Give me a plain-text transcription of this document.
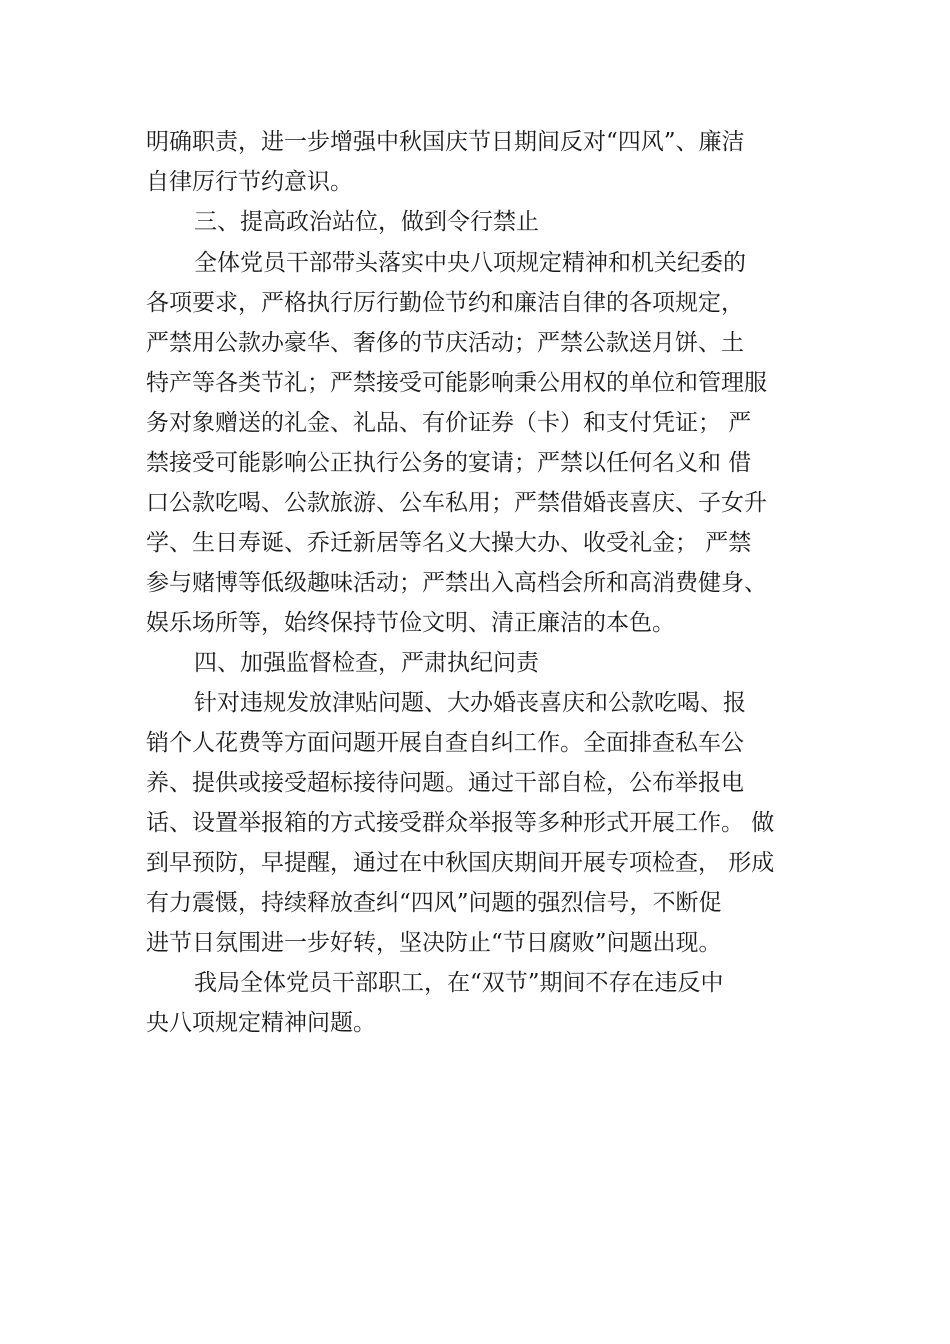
明确职责，进一步增强中秋国庆节日期间反对“四风”、廉洁
自律厉行节约意识。
三、提高政治站位，做到令行禁止
全体党员干部带头落实中央八项规定精神和机关纪委的
各项要求，严格执行厉行勤俭节约和廉洁自律的各项规定，
严禁用公款办豪华、奢侈的节庆活动；严禁公款送月饼、土
特产等各类节礼；严禁接受可能影响秉公用权的单位和管理服
务对象赠送的礼金、礼品、有价证券（卡）和支付凭证； 严
禁接受可能影响公正执行公务的宴请；严禁以任何名义和 借
口公款吃喝、公款旅游、公车私用；严禁借婚丧喜庆、子女升
学、生日寿诞、乔迁新居等名义大操大办、收受礼金； 严禁
参与赌博等低级趣味活动；严禁出入高档会所和高消费健身、
娱乐场所等，始终保持节俭文明、清正廉洁的本色。
四、加强监督检查，严肃执纪问责
针对违规发放津贴问题、大办婚丧喜庆和公款吃喝、报
销个人花费等方面问题开展自查自纠工作。全面排查私车公
养、提供或接受超标接待问题。通过干部自检，公布举报电
话、设置举报箱的方式接受群众举报等多种形式开展工作。 做
到早预防，早提醒，通过在中秋国庆期间开展专项检查， 形成
有力震慑，持续释放查纠“四风”问题的强烈信号，不断促
进节日氛围进一步好转，坚决防止“节日腐败”问题出现。
我局全体党员干部职工，在“双节”期间不存在违反中
央八项规定精神问题。
